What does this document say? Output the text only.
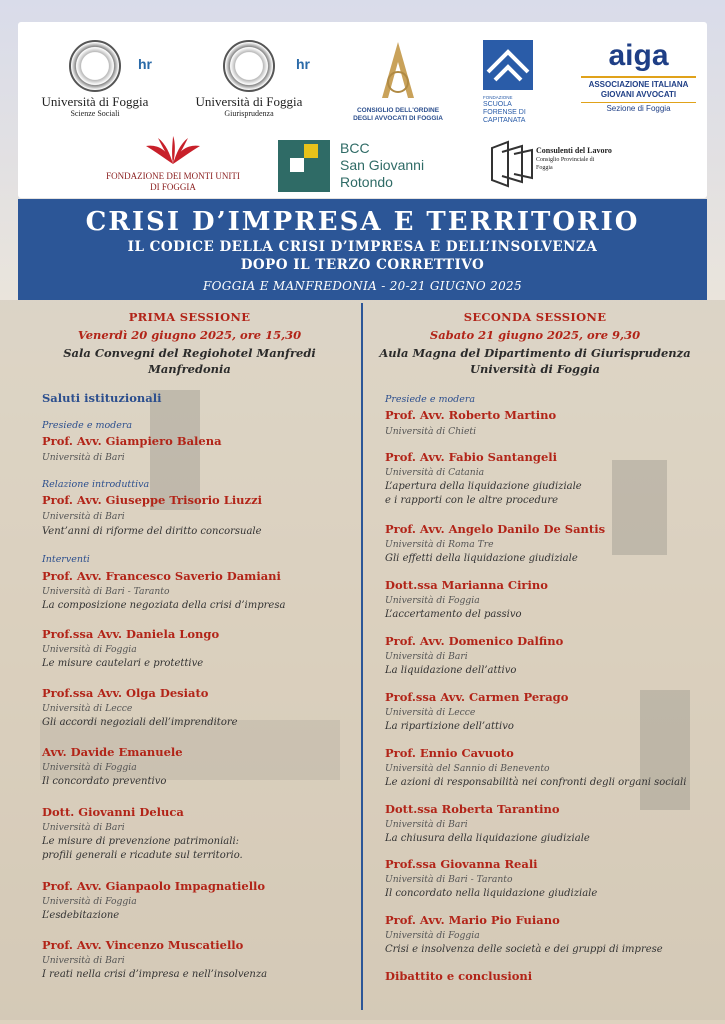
Università di Foggia
Scienze Sociali
hr
Università di Foggia
Giurisprudenza
hr
CONSIGLIO DELL'ORDINE
DEGLI AVVOCATI DI FOGGIA
FONDAZIONE
SCUOLA
FORENSE DI
CAPITANATA
aiga
ASSOCIAZIONE ITALIANA
GIOVANI AVVOCATI
Sezione di Foggia
FONDAZIONE DEI MONTI UNITI
DI FOGGIA
BCC
San Giovanni
Rotondo
Consulenti del Lavoro
Consiglio Provinciale di
Foggia
CRISI D’IMPRESA E TERRITORIO
IL CODICE DELLA CRISI D’IMPRESA E DELL’INSOLVENZA
DOPO IL TERZO CORRETTIVO
FOGGIA E MANFREDONIA - 20-21 GIUGNO 2025
PRIMA SESSIONE
Venerdì 20 giugno 2025, ore 15,30
Sala Convegni del Regiohotel Manfredi
Manfredonia
Saluti istituzionali
Presiede e modera
Prof. Avv. Giampiero Balena
Università di Bari
Relazione introduttiva
Prof. Avv. Giuseppe Trisorio Liuzzi
Università di Bari
Vent’anni di riforme del diritto concorsuale
Interventi
Prof. Avv. Francesco Saverio Damiani
Università di Bari - Taranto
La composizione negoziata della crisi d’impresa
Prof.ssa Avv. Daniela Longo
Università di Foggia
Le misure cautelari e protettive
Prof.ssa Avv. Olga Desiato
Università di Lecce
Gli accordi negoziali dell’imprenditore
Avv. Davide Emanuele
Università di Foggia
Il concordato preventivo
Dott. Giovanni Deluca
Università di Bari
Le misure di prevenzione patrimoniali:
profili generali e ricadute sul territorio.
Prof. Avv. Gianpaolo Impagnatiello
Università di Foggia
L’esdebitazione
Prof. Avv. Vincenzo Muscatiello
Università di Bari
I reati nella crisi d’impresa e nell’insolvenza
SECONDA SESSIONE
Sabato 21 giugno 2025, ore 9,30
Aula Magna del Dipartimento di Giurisprudenza
Università di Foggia
Presiede e modera
Prof. Avv. Roberto Martino
Università di Chieti
Prof. Avv. Fabio Santangeli
Università di Catania
L’apertura della liquidazione giudiziale
e i rapporti con le altre procedure
Prof. Avv. Angelo Danilo De Santis
Università di Roma Tre
Gli effetti della liquidazione giudiziale
Dott.ssa Marianna Cirino
Università di Foggia
L’accertamento del passivo
Prof. Avv. Domenico Dalfino
Università di Bari
La liquidazione dell’attivo
Prof.ssa Avv. Carmen Perago
Università di Lecce
La ripartizione dell’attivo
Prof. Ennio Cavuoto
Università del Sannio di Benevento
Le azioni di responsabilità nei confronti degli organi sociali
Dott.ssa Roberta Tarantino
Università di Bari
La chiusura della liquidazione giudiziale
Prof.ssa Giovanna Reali
Università di Bari - Taranto
Il concordato nella liquidazione giudiziale
Prof. Avv. Mario Pio Fuiano
Università di Foggia
Crisi e insolvenza delle società e dei gruppi di imprese
Dibattito e conclusioni
